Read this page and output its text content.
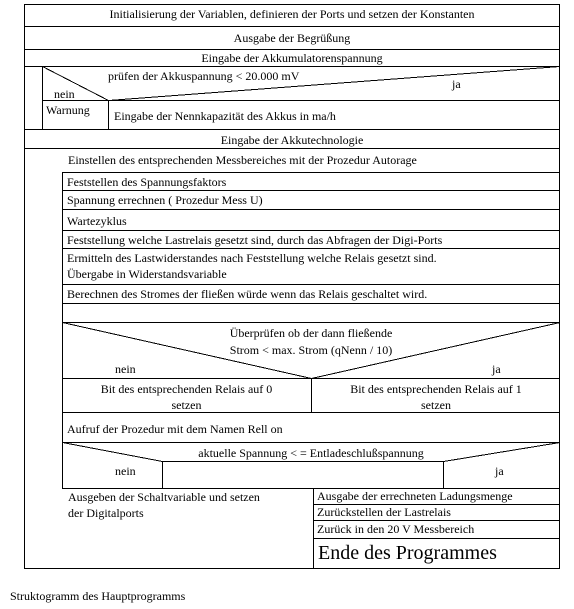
Initialisierung der Variablen, definieren der Ports und setzen der Konstanten
Ausgabe der Begrüßung
Eingabe der Akkumulatorenspannung
prüfen der Akkuspannung < 20.000 mV
nein
ja
Warnung Eingabe der Nennkapazität des Akkus in ma/h
Eingabe der Akkutechnologie
Einstellen des entsprechenden Messbereiches mit der Prozedur Autorage
Feststellen des Spannungsfaktors
Spannung errechnen ( Prozedur Mess U)
Wartezyklus
Feststellung welche Lastrelais gesetzt sind, durch das Abfragen der Digi-Ports
Ermitteln des Lastwiderstandes nach Feststellung welche Relais gesetzt sind.
Übergabe in Widerstandsvariable
Berechnen des Stromes der fließen würde wenn das Relais geschaltet wird.
Überprüfen ob der dann fließende
Strom < max. Strom (qNenn / 10)
nein	ja
Bit des entsprechenden Relais auf 0
setzen
Bit des entsprechenden Relais auf 1
setzen
Aufruf der Prozedur mit dem Namen Rell on
aktuelle Spannung < = Entladeschlußspannung
nein	ja
Ausgeben der Schaltvariable und setzen
der Digitalports
Ausgabe der errechneten Ladungsmenge
Zurückstellen der Lastrelais
Zurück in den 20 V Messbereich
Ende des Programmes
Struktogramm des Hauptprogramms
